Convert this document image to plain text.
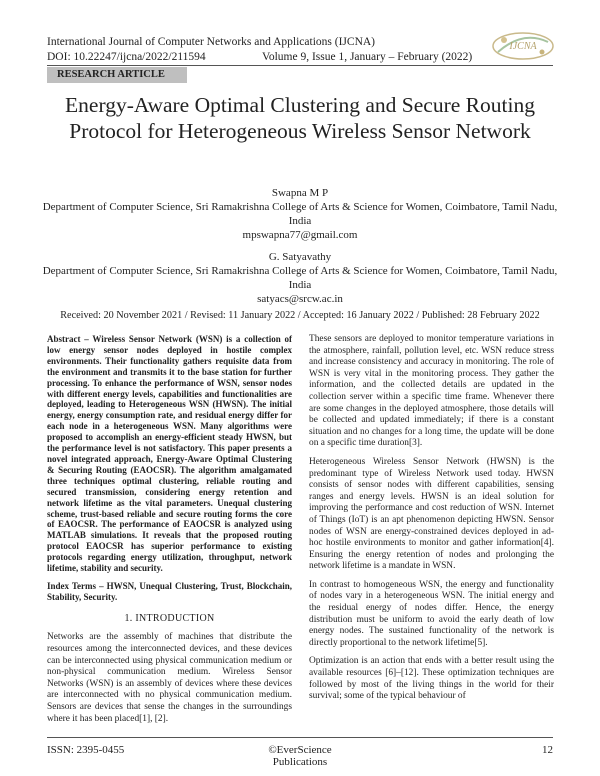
International Journal of Computer Networks and Applications (IJCNA)
DOI: 10.22247/ijcna/2022/211594	Volume 9, Issue 1, January – February (2022)
IJCNA
RESEARCH ARTICLE
Energy-Aware Optimal Clustering and Secure Routing Protocol for Heterogeneous Wireless Sensor Network
Swapna M P
Department of Computer Science, Sri Ramakrishna College of Arts & Science for Women, Coimbatore, Tamil Nadu, India
mpswapna77@gmail.com
G. Satyavathy
Department of Computer Science, Sri Ramakrishna College of Arts & Science for Women, Coimbatore, Tamil Nadu, India
satyacs@srcw.ac.in
Received: 20 November 2021 / Revised: 11 January 2022 / Accepted: 16 January 2022 / Published: 28 February 2022

Abstract – Wireless Sensor Network (WSN) is a collection of low energy sensor nodes deployed in hostile complex environments. Their functionality gathers requisite data from the environment and transmits it to the base station for further processing. To enhance the performance of WSN, sensor nodes with different energy levels, capabilities and functionalities are deployed, leading to Heterogeneous WSN (HWSN). The initial energy, energy consumption rate, and residual energy differ for each node in a heterogeneous WSN. Many algorithms were proposed to accomplish an energy-efficient steady HWSN, but the performance level is not satisfactory. This paper presents a novel integrated approach, Energy-Aware Optimal Clustering & Securing Routing (EAOCSR). The algorithm amalgamated three techniques optimal clustering, reliable routing and secured transmission, considering energy retention and network lifetime as the vital parameters. Unequal clustering scheme, trust-based reliable and secure routing forms the core of EAOCSR. The performance of EAOCSR is analyzed using MATLAB simulations. It reveals that the proposed routing protocol EAOCSR has superior performance to existing protocols regarding energy utilization, throughput, network lifetime, stability and security.

Index Terms – HWSN, Unequal Clustering, Trust, Blockchain, Stability, Security.

1. INTRODUCTION

Networks are the assembly of machines that distribute the resources among the interconnected devices, and these devices can be interconnected using physical communication medium or non-physical communication medium. Wireless Sensor Networks (WSN) is an assembly of devices where these devices are interconnected with no physical communication medium. Sensors are devices that sense the changes in the surroundings where it has been placed[1], [2].

These sensors are deployed to monitor temperature variations in the atmosphere, rainfall, pollution level, etc. WSN reduce stress and increase consistency and accuracy in monitoring. The role of WSN is very vital in the monitoring process. They gather the information, and the collected details are updated in the collection server within a specific time frame. Whenever there are some changes in the deployed atmosphere, those details will be collected and updated immediately; if there is a constant situation and no changes for a long time, the update will be done on a specific time duration[3].

Heterogeneous Wireless Sensor Network (HWSN) is the predominant type of Wireless Network used today. HWSN consists of sensor nodes with different capabilities, sensing ranges and energy levels. HWSN is an ideal solution for improving the performance and cost reduction of WSN. Internet of Things (IoT) is an apt phenomenon depicting HWSN. Sensor nodes of WSN are energy-constrained devices deployed in ad-hoc hostile environments to monitor and gather information[4]. Ensuring the energy retention of nodes and prolonging the network lifetime is a mandate in WSN.

In contrast to homogeneous WSN, the energy and functionality of nodes vary in a heterogeneous WSN. The initial energy and the residual energy of nodes differ. Hence, the energy distribution must be uniform to avoid the early death of low energy nodes. The sustained functionality of the network is directly proportional to the network lifetime[5].

Optimization is an action that ends with a better result using the available resources [6]–[12]. These optimization techniques are followed by most of the living things in the world for their survival; some of the typical behaviour of

ISSN: 2395-0455	©EverScience Publications
12
